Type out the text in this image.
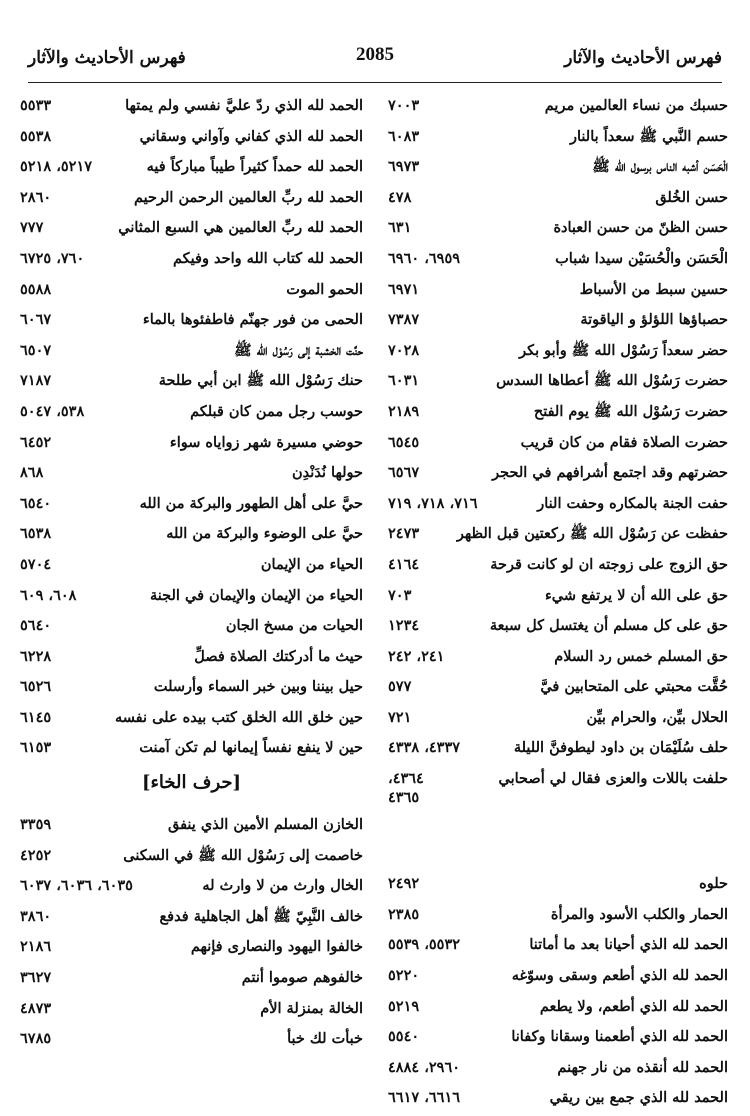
فهرس الأحاديث والآثار
2085
فهرس الأحاديث والآثار
حسبك من نساء العالمين مريم
٧٠٠٣
حسم النَّبي ﷺ سعداً بالنار
٦٠٨٣
الْحَسَن أشبه الناس برسول الله ﷺ
٦٩٧٣
حسن الخُلق
٤٧٨
حسن الظنّ من حسن العبادة
٦٣١
الْحَسَن والْحُسَيْن سيدا شباب
٦٩٥٩، ٦٩٦٠
حسين سبط من الأسباط
٦٩٧١
حصباؤها اللؤلؤ و الياقوتة
٧٣٨٧
حضر سعداً رَسُوْل الله ﷺ وأبو بكر
٧٠٢٨
حضرت رَسُوْل الله ﷺ أعطاها السدس
٦٠٣١
حضرت رَسُوْل الله ﷺ يوم الفتح
٢١٨٩
حضرت الصلاة فقام من كان قريب
٦٥٤٥
حضرتهم وقد اجتمع أشرافهم في الحجر
٦٥٦٧
حفت الجنة بالمكاره وحفت النار
٧١٦، ٧١٨، ٧١٩
حفظت عن رَسُوْل الله ﷺ ركعتين قبل الظهر
٢٤٧٣
حق الزوج على زوجته ان لو كانت قرحة
٤١٦٤
حق على الله أن لا يرتفع شيء
٧٠٣
حق على كل مسلم أن يغتسل كل سبعة
١٢٣٤
حق المسلم خمس رد السلام
٢٤١، ٢٤٢
حُقَّت محبتي على المتحابين فيَّ
٥٧٧
الحلال بيِّن، والحرام بيِّن
٧٢١
حلف سُلَيْمَان بن داود ليطوفنَّ الليلة
٤٣٣٧، ٤٣٣٨
حلفت باللات والعزى فقال لي أصحابي
٤٣٦٤،
٤٣٦٥
حلوه
٢٤٩٢
الحمار والكلب الأسود والمرأة
٢٣٨٥
الحمد لله الذي أحيانا بعد ما أماتنا
٥٥٣٢، ٥٥٣٩
الحمد لله الذي أطعم وسقى وسوّغه
٥٢٢٠
الحمد لله الذي أطعم، ولا يطعم
٥٢١٩
الحمد لله الذي أطعمنا وسقانا وكفانا
٥٥٤٠
الحمد لله أنقذه من نار جهنم
٢٩٦٠، ٤٨٨٤
الحمد لله الذي جمع بين ريقي
٦٦١٦، ٦٦١٧
الحمد لله الذي ردّ عليَّ نفسي ولم يمتها
٥٥٣٣
الحمد لله الذي كفاني وآواني وسقاني
٥٥٣٨
الحمد لله حمداً كثيراً طيباً مباركاً فيه
٥٢١٧، ٥٢١٨
الحمد لله ربِّ العالمين الرحمن الرحيم
٢٨٦٠
الحمد لله ربِّ العالمين هي السبع المثاني
٧٧٧
الحمد لله كتاب الله واحد وفيكم
٧٦٠، ٦٧٢٥
الحمو الموت
٥٥٨٨
الحمى من فور جهنّم فاطفئوها بالماء
٦٠٦٧
حنَّت الخشبة إلى رَسُوْل الله ﷺ
٦٥٠٧
حنك رَسُوْل الله ﷺ ابن أبي طلحة
٧١٨٧
حوسب رجل ممن كان قبلكم
٥٣٨، ٥٠٤٧
حوضي مسيرة شهر زواياه سواء
٦٤٥٢
حولها نُدَنْدِن
٨٦٨
حيَّ على أهل الطهور والبركة من الله
٦٥٤٠
حيَّ على الوضوء والبركة من الله
٦٥٣٨
الحياء من الإيمان
٥٧٠٤
الحياء من الإيمان والإيمان في الجنة
٦٠٨، ٦٠٩
الحيات من مسخ الجان
٥٦٤٠
حيث ما أدركتك الصلاة فصلِّ
٦٢٢٨
حيل بيننا وبين خبر السماء وأرسلت
٦٥٢٦
حين خلق الله الخلق كتب بيده على نفسه
٦١٤٥
حين لا ينفع نفساً إيمانها لم تكن آمنت
٦١٥٣
[حرف الخاء]
الخازن المسلم الأمين الذي ينفق
٣٣٥٩
خاصمت إلى رَسُوْل الله ﷺ في السكنى
٤٢٥٢
الخال وارث من لا وارث له
٦٠٣٥، ٦٠٣٦، ٦٠٣٧
خالف النَّبِيّ ﷺ أهل الجاهلية فدفع
٣٨٦٠
خالفوا اليهود والنصارى فإنهم
٢١٨٦
خالفوهم صوموا أنتم
٣٦٢٧
الخالة بمنزلة الأم
٤٨٧٣
خبأت لك خبأ
٦٧٨٥
